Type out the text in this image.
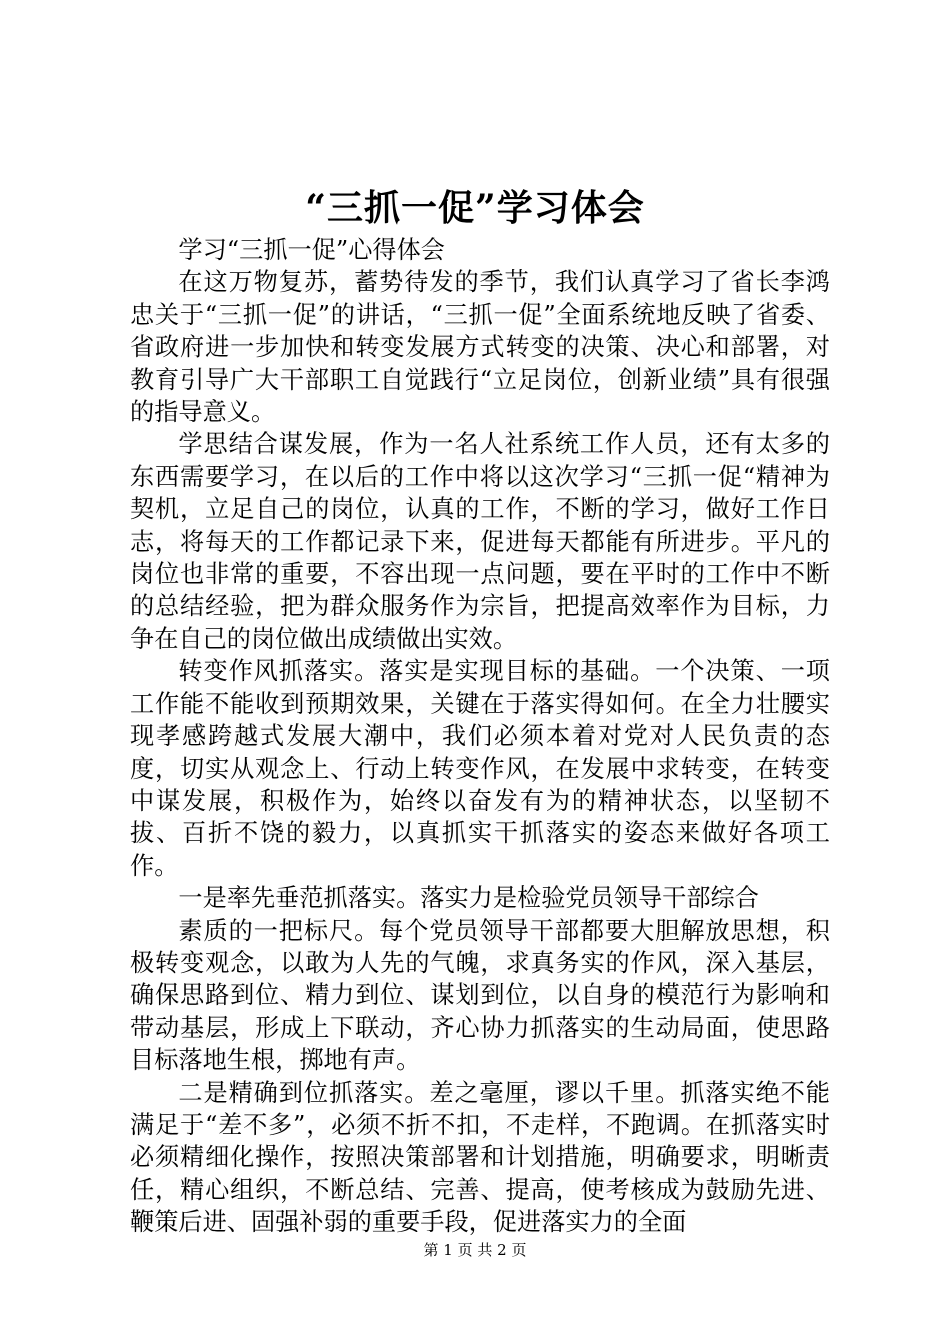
“三抓一促”学习体会

学习“三抓一促”心得体会

在这万物复苏，蓄势待发的季节，我们认真学习了省长李鸿忠关于“三抓一促”的讲话，“三抓一促”全面系统地反映了省委、省政府进一步加快和转变发展方式转变的决策、决心和部署，对教育引导广大干部职工自觉践行“立足岗位，创新业绩”具有很强的指导意义。

学思结合谋发展，作为一名人社系统工作人员，还有太多的东西需要学习，在以后的工作中将以这次学习“三抓一促“精神为契机，立足自己的岗位，认真的工作，不断的学习，做好工作日志，将每天的工作都记录下来，促进每天都能有所进步。平凡的岗位也非常的重要，不容出现一点问题，要在平时的工作中不断的总结经验，把为群众服务作为宗旨，把提高效率作为目标，力争在自己的岗位做出成绩做出实效。

转变作风抓落实。落实是实现目标的基础。一个决策、一项工作能不能收到预期效果，关键在于落实得如何。在全力壮腰实现孝感跨越式发展大潮中，我们必须本着对党对人民负责的态度，切实从观念上、行动上转变作风，在发展中求转变，在转变中谋发展，积极作为，始终以奋发有为的精神状态，以坚韧不拔、百折不饶的毅力，以真抓实干抓落实的姿态来做好各项工作。

一是率先垂范抓落实。落实力是检验党员领导干部综合

素质的一把标尺。每个党员领导干部都要大胆解放思想，积极转变观念，以敢为人先的气魄，求真务实的作风，深入基层，确保思路到位、精力到位、谋划到位，以自身的模范行为影响和带动基层，形成上下联动，齐心协力抓落实的生动局面，使思路目标落地生根，掷地有声。

二是精确到位抓落实。差之毫厘，谬以千里。抓落实绝不能满足于“差不多”，必须不折不扣，不走样，不跑调。在抓落实时必须精细化操作，按照决策部署和计划措施，明确要求，明晰责任，精心组织，不断总结、完善、提高，使考核成为鼓励先进、鞭策后进、固强补弱的重要手段，促进落实力的全面

第 1 页 共 2 页
